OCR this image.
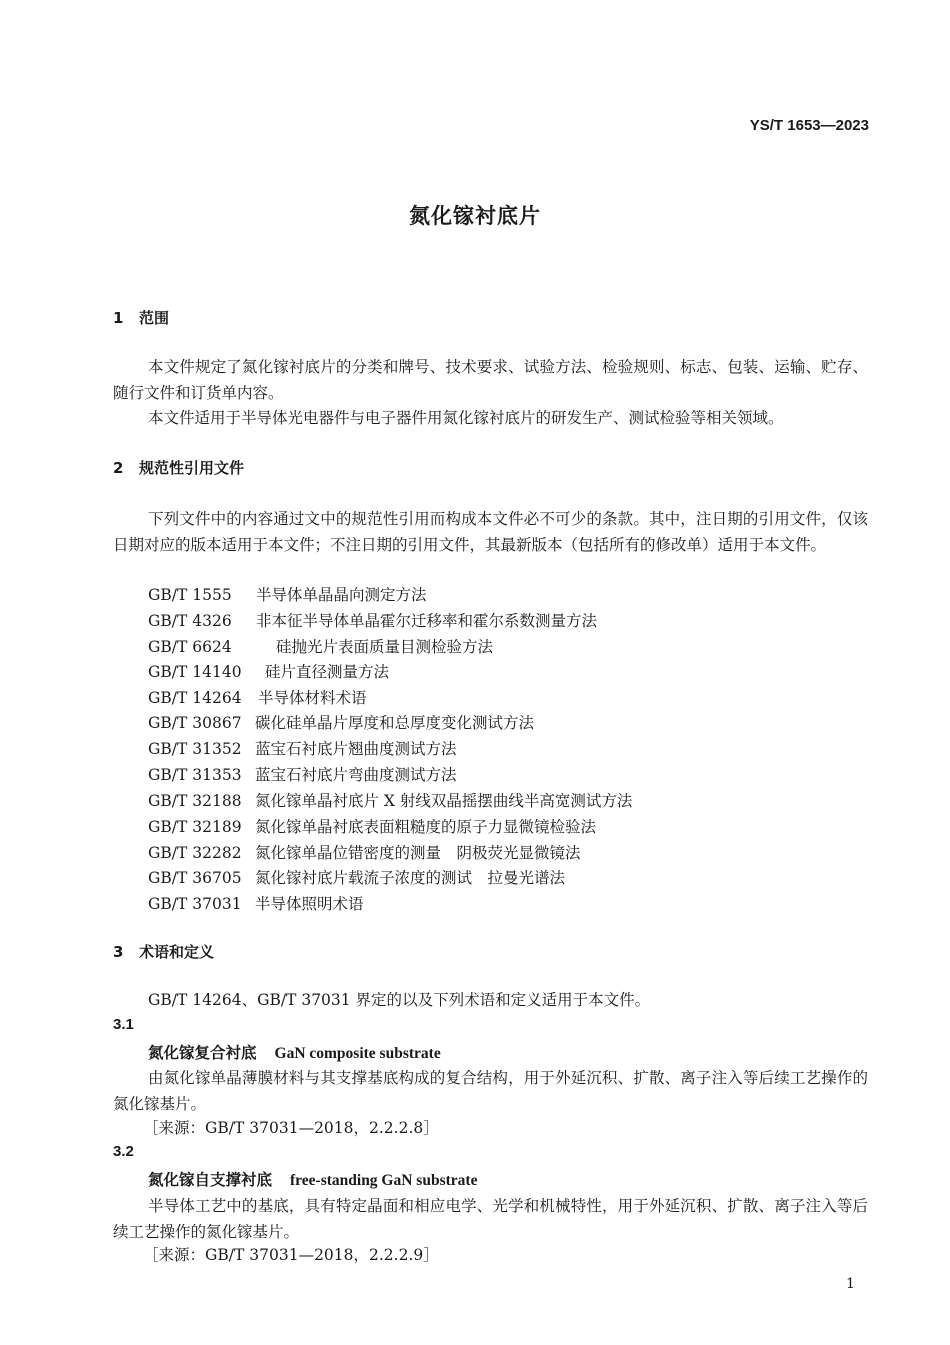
YS/T 1653—2023
氮化镓衬底片
1 范围
本文件规定了氮化镓衬底片的分类和牌号、技术要求、试验方法、检验规则、标志、包装、运输、贮存、随行文件和订货单内容。
本文件适用于半导体光电器件与电子器件用氮化镓衬底片的研发生产、测试检验等相关领域。
2 规范性引用文件
下列文件中的内容通过文中的规范性引用而构成本文件必不可少的条款。其中，注日期的引用文件，仅该日期对应的版本适用于本文件；不注日期的引用文件，其最新版本（包括所有的修改单）适用于本文件。
GB/T 1555 半导体单晶晶向测定方法
GB/T 4326 非本征半导体单晶霍尔迁移率和霍尔系数测量方法
GB/T 6624	硅抛光片表面质量目测检验方法
GB/T 14140 硅片直径测量方法
GB/T 14264 半导体材料术语
GB/T 30867 碳化硅单晶片厚度和总厚度变化测试方法
GB/T 31352 蓝宝石衬底片翘曲度测试方法
GB/T 31353 蓝宝石衬底片弯曲度测试方法
GB/T 32188 氮化镓单晶衬底片 X 射线双晶摇摆曲线半高宽测试方法
GB/T 32189 氮化镓单晶衬底表面粗糙度的原子力显微镜检验法
GB/T 32282 氮化镓单晶位错密度的测量　阴极荧光显微镜法
GB/T 36705 氮化镓衬底片载流子浓度的测试　拉曼光谱法
GB/T 37031 半导体照明术语
3 术语和定义
GB/T 14264、GB/T 37031 界定的以及下列术语和定义适用于本文件。
3.1
氮化镓复合衬底 GaN composite substrate
由氮化镓单晶薄膜材料与其支撑基底构成的复合结构，用于外延沉积、扩散、离子注入等后续工艺操作的氮化镓基片。
［来源：GB/T 37031—2018，2.2.2.8］
3.2
氮化镓自支撑衬底 free-standing GaN substrate
半导体工艺中的基底，具有特定晶面和相应电学、光学和机械特性，用于外延沉积、扩散、离子注入等后续工艺操作的氮化镓基片。
［来源：GB/T 37031—2018，2.2.2.9］
1
